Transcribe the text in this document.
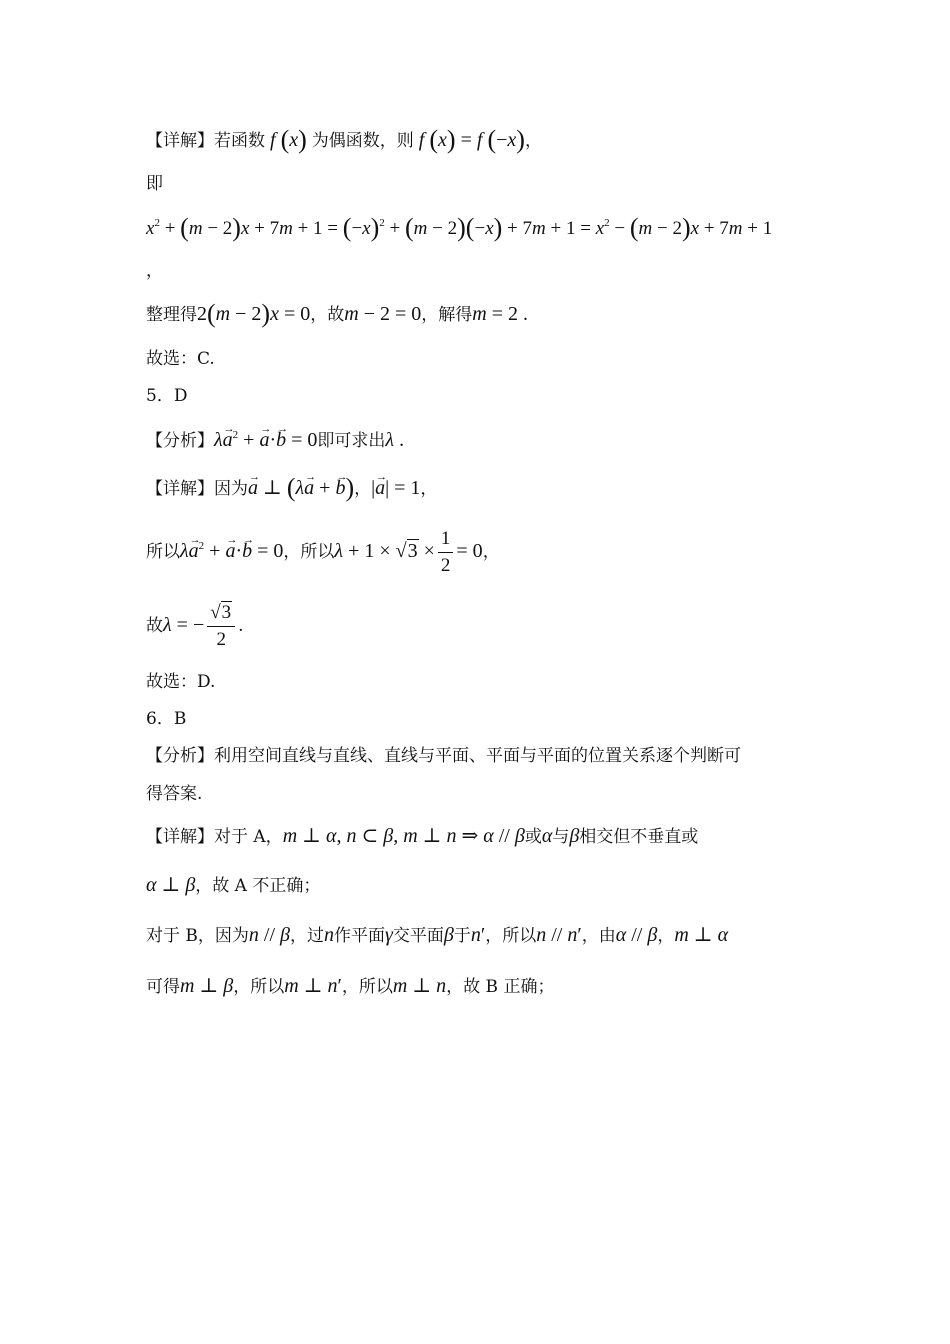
【详解】若函数 f (x) 为偶函数，则 f (x) = f (−x)，
即
$x^2 + (m - 2)x + 7m + 1 = (-x)^2 + (m - 2)(-x) + 7m + 1 = x^2 - (m - 2)x + 7m + 1$
，
整理得2(m − 2)x = 0，故m − 2 = 0，解得m = 2 .
故选：C.
5．D
【分析】$\lambda\to a^2$ + → a·→ b = 0即可求出λ .
【详解】因为→ a ⊥ (λ→ a + → b)，|→ a| = 1，
所以$\lambda\to a^2$ + → a·→ b = 0，所以$\lambda + 1 \times √3 \times \frac{1}{2} = 0$，
故λ = − $\frac{√3}{2}$ .
故选：D.
6．B
【分析】利用空间直线与直线、直线与平面、平面与平面的位置关系逐个判断可
得答案.
【详解】对于 A，m ⊥ α, n ⊂ β, m ⊥ n ⇒ α // β或α与β相交但不垂直或
α ⊥ β，故 A 不正确；
对于 B，因为n // β，过n作平面γ交平面β于n′，所以n // n′，由α // β，m ⊥ α
可得m ⊥ β，所以m ⊥ n′，所以m ⊥ n，故 B 正确；
